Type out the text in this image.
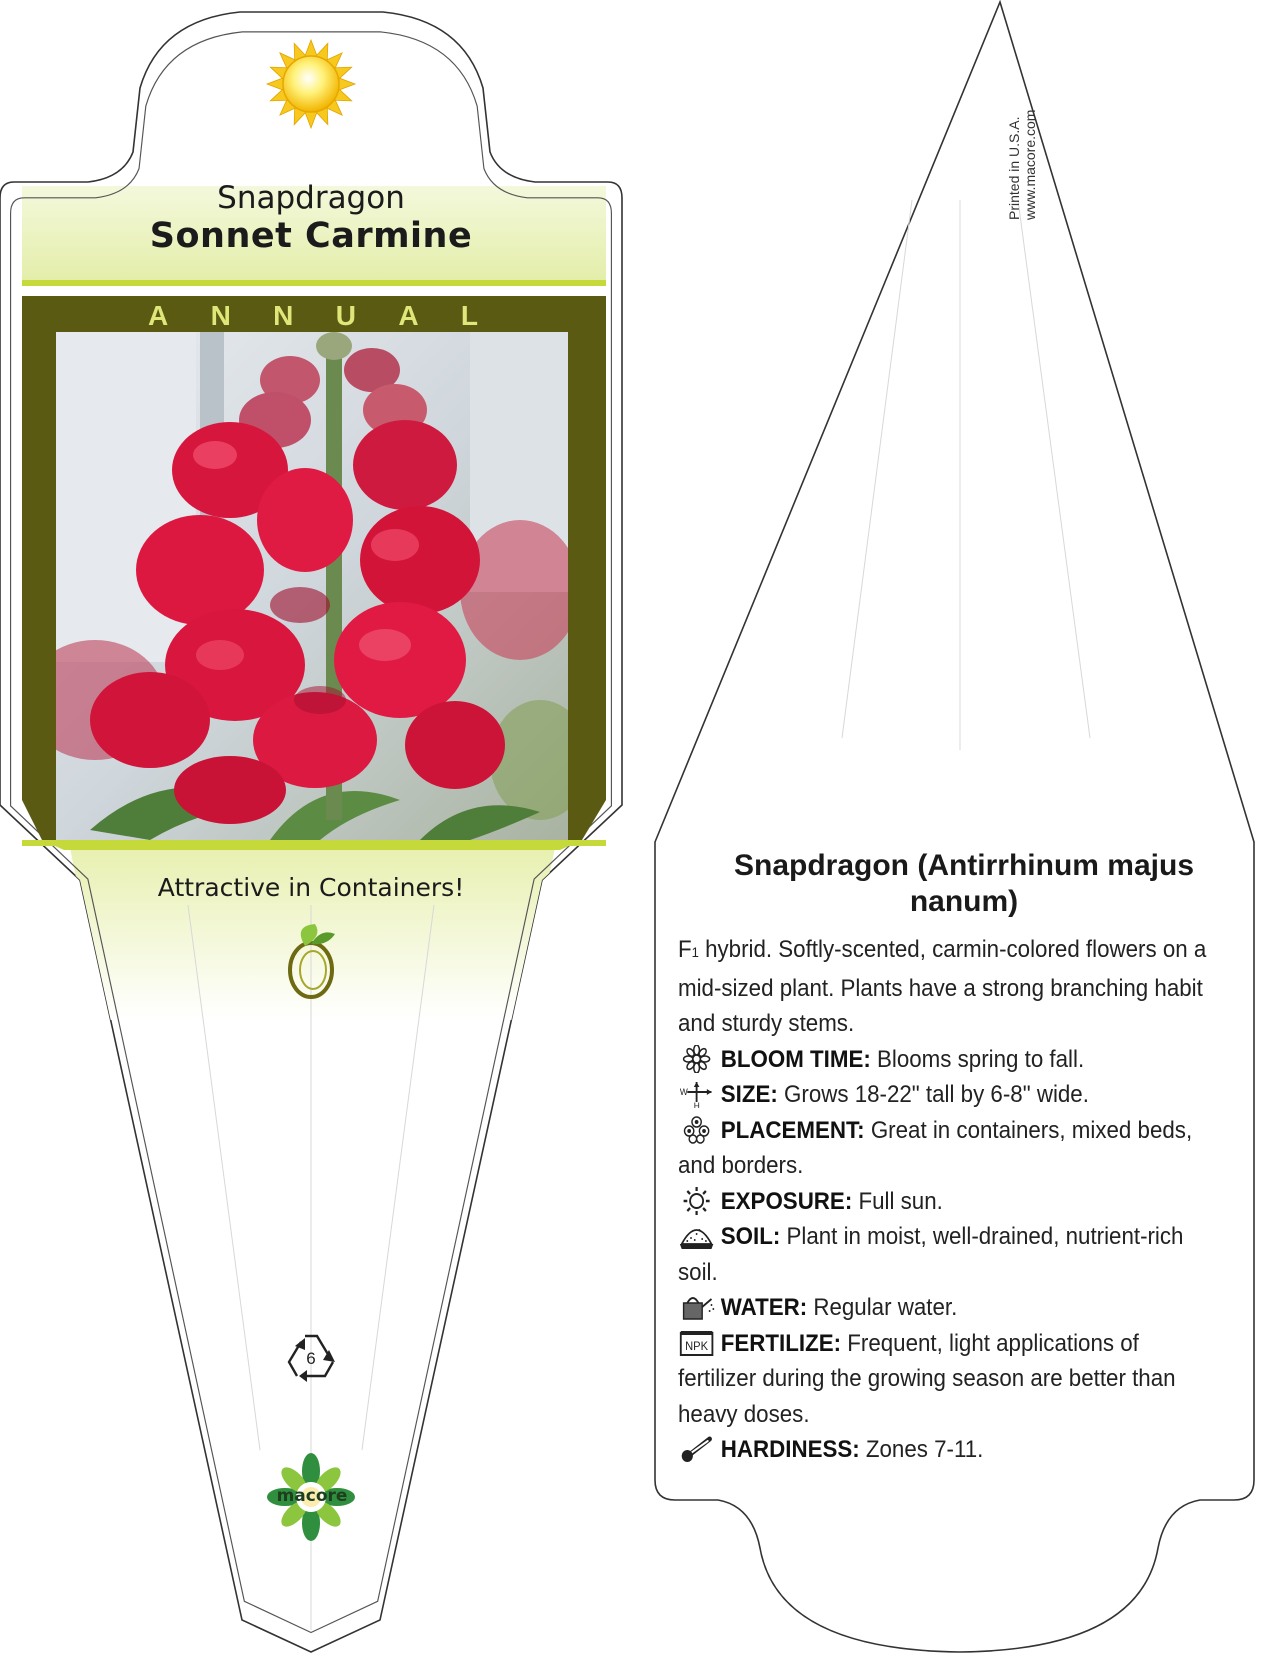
Snapdragon
Sonnet Carmine
A N N U A L
Attractive in Containers!
6
macore
Printed in U.S.A. www.macore.com
Snapdragon (Antirrhinum majus nanum)
F1 hybrid. Softly-scented, carmin-colored flowers on a mid-sized plant. Plants have a strong branching habit and sturdy stems.
BLOOM TIME: Blooms spring to fall.
W
H SIZE: Grows 18-22" tall by 6-8" wide.
PLACEMENT: Great in containers, mixed beds, and borders.
EXPOSURE: Full sun.
SOIL: Plant in moist, well-drained, nutrient-rich soil.
WATER: Regular water.
NPK FERTILIZE: Frequent, light applications of fertilizer during the growing season are better than heavy doses.
HARDINESS: Zones 7-11.
